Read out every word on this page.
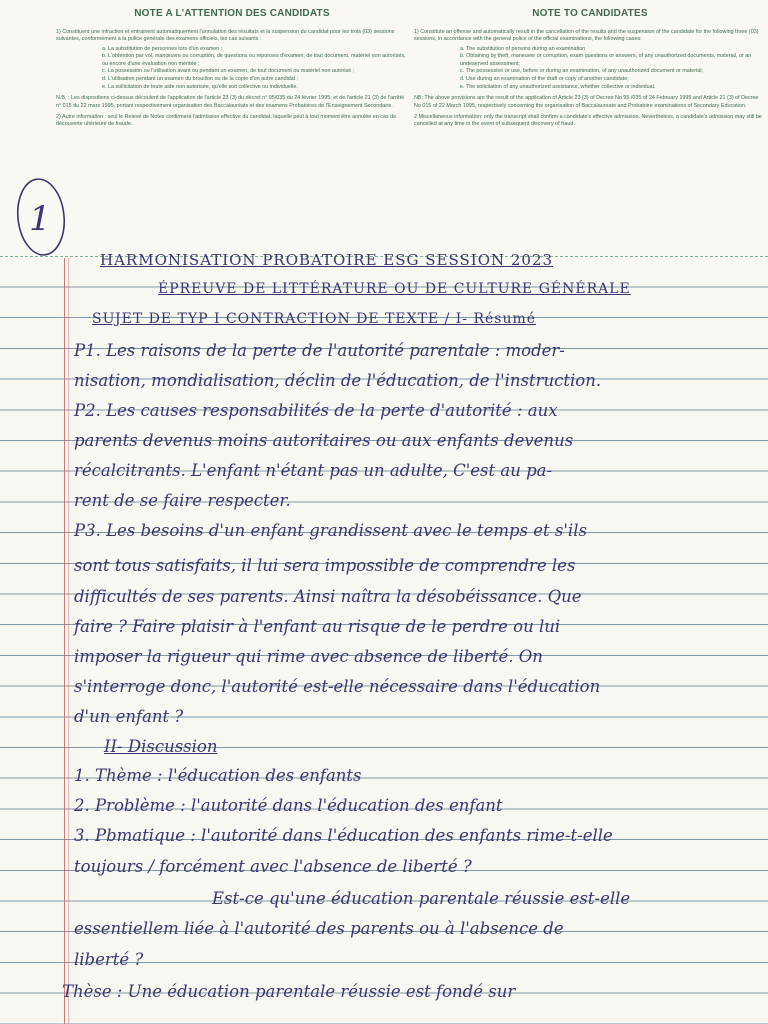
NOTE A L'ATTENTION DES CANDIDATS

1) Constituent une infraction et entrainent automatiquement l'annulation des résultats et la suspension du candidat pour les trois (03) sessions suivantes, conformément à la police générale des examens officiels, les cas suivants :

a. La substitution de personnes lors d'un examen ;
b. L'obtention par vol, manœuvre ou corruption, de questions ou réponses d'examen, de tout document, matériel non autorisés, ou encore d'une évaluation non méritée ;
c. La possession ou l'utilisation avant ou pendant un examen, de tout document ou matériel non autorisé ;
d. L'utilisation pendant un examen du brouillon ou de la copie d'un autre candidat ;
e. La sollicitation de toute aide non autorisée, qu'elle soit collective ou individuelle.

N.B. : Les dispositions ci-dessus découlent de l'application de l'article 23 (3) du décret n° 95/035 du 24 février 1995, et de l'article 21 (3) de l'arrêté n° 015 du 22 mars 1995, portant respectivement organisation des Baccalauréats et des examens Probatoires de l'Enseignement Secondaire.

2) Autre information : seul le Relevé de Notes confirmera l'admission effective du candidat, laquelle peut à tout moment être annulée en cas de découverte ultérieure de fraude.

NOTE TO CANDIDATES

1) Constitute an offense and automatically result in the cancellation of the results and the suspension of the candidate for the following three (03) sessions, in accordance with the general police of the official examinations, the following cases:

a. The substitution of persons during an examination
b. Obtaining by theft, maneuver or corruption, exam questions or answers, of any unauthorized documents, material, or an undeserved assessment;
c. The possession or use, before or during an examination, of any unauthorized document or material;
d. Use during an examination of the draft or copy of another candidate;
e. The solicitation of any unauthorized assistance, whether collective or individual.

NB: The above provisions are the result of the application of Article 23 (3) of Decree No 95 /035 of 24 February 1995 and Article 21 (3) of Decree No 015 of 22 March 1995, respectively concerning the organisation of Baccalaureate and Probatoire examinations of Secondary Education.

2 Miscellaneous information: only the transcript shall confirm a candidate's effective admission. Nevertheless, a candidate's admission may still be cancelled at any time in the event of subsequent discovery of fraud.

1
HARMONISATION PROBATOIRE ESG SESSION 2023
ÉPREUVE DE LITTÉRATURE OU DE CULTURE GÉNÉRALE
SUJET DE TYP I CONTRACTION DE TEXTE / I- Résumé
P1. Les raisons de la perte de l'autorité parentale : moder-
nisation, mondialisation, déclin de l'éducation, de l'instruction.
P2. Les causes responsabilités de la perte d'autorité : aux
parents devenus moins autoritaires ou aux enfants devenus
récalcitrants. L'enfant n'étant pas un adulte, C'est au pa-
rent de se faire respecter.
P3. Les besoins d'un enfant grandissent avec le temps et s'ils
sont tous satisfaits, il lui sera impossible de comprendre les
difficultés de ses parents. Ainsi naîtra la désobéissance. Que
faire ? Faire plaisir à l'enfant au risque de le perdre ou lui
imposer la rigueur qui rime avec absence de liberté. On
s'interroge donc, l'autorité est-elle nécessaire dans l'éducation
d'un enfant ?
II- Discussion
1. Thème : l'éducation des enfants
2. Problème : l'autorité dans l'éducation des enfant
3. Pbmatique : l'autorité dans l'éducation des enfants rime-t-elle
toujours / forcément avec l'absence de liberté ?
Est-ce qu'une éducation parentale réussie est-elle
essentiellem liée à l'autorité des parents ou à l'absence de
liberté ?
Thèse : Une éducation parentale réussie est fondé sur
